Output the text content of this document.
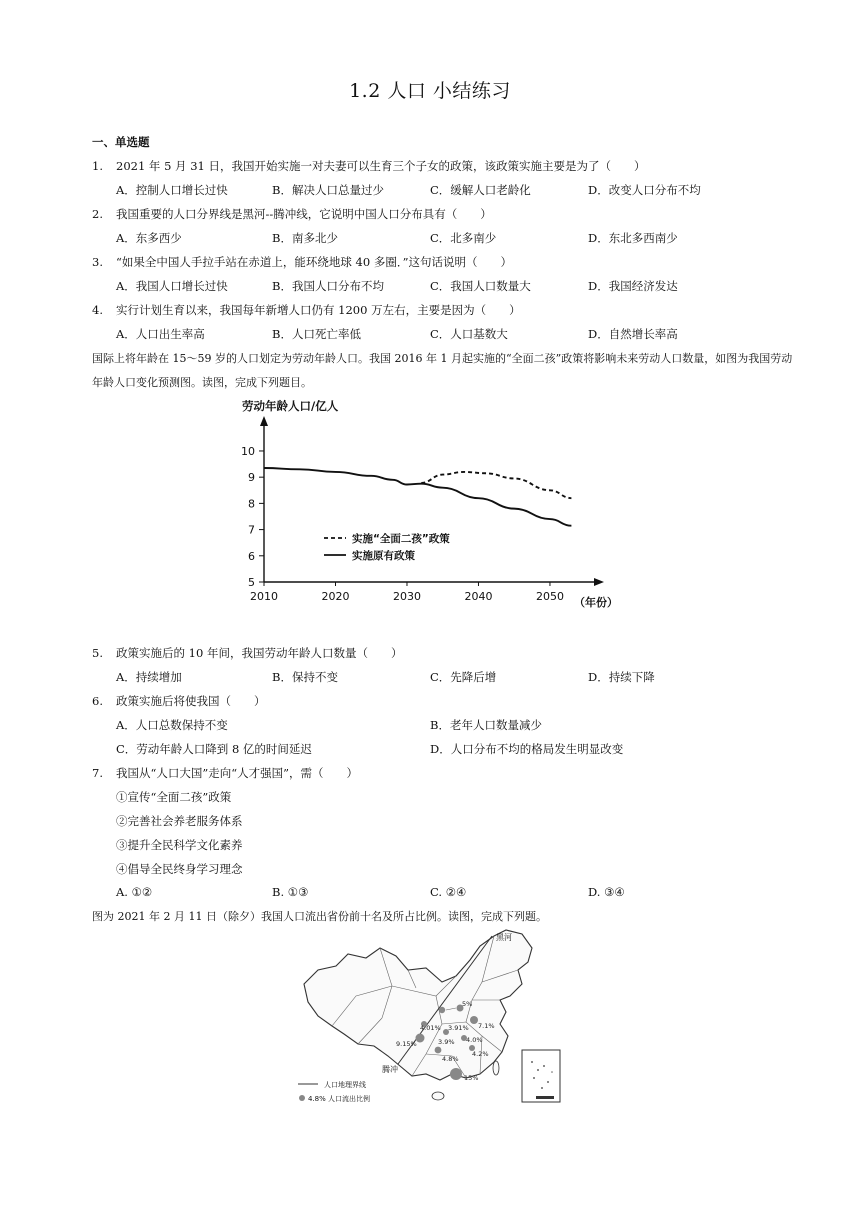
1.2 人口 小结练习
一、单选题
1. 2021 年 5 月 31 日，我国开始实施一对夫妻可以生育三个子女的政策，该政策实施主要是为了（　　）
A．控制人口增长过快	B．解决人口总量过少	C．缓解人口老龄化	D．改变人口分布不均
2. 我国重要的人口分界线是黑河--腾冲线，它说明中国人口分布具有（　　）
A．东多西少	B．南多北少	C．北多南少	D．东北多西南少
3. “如果全中国人手拉手站在赤道上，能环绕地球 40 多圈．”这句话说明（　　）
A．我国人口增长过快	B．我国人口分布不均	C．我国人口数量大	D．我国经济发达
4. 实行计划生育以来，我国每年新增人口仍有 1200 万左右，主要是因为（　　）
A．人口出生率高	B．人口死亡率低	C．人口基数大	D．自然增长率高
国际上将年龄在 15～59 岁的人口划定为劳动年龄人口。我国 2016 年 1 月起实施的“全面二孩”政策将影响未来劳动人口数量，如图为我国劳动
年龄人口变化预测图。读图，完成下列题目。
劳动年龄人口/亿人
5
6
7
8
9
10
2010	2020	2030	2040	2050 （年份）
实施“全面二孩”政策
实施原有政策
5. 政策实施后的 10 年间，我国劳动年龄人口数量（　　）
A．持续增加	B．保持不变	C．先降后增	D．持续下降
6. 政策实施后将使我国（　　）
A．人口总数保持不变	B．老年人口数量减少
C．劳动年龄人口降到 8 亿的时间延迟	D．人口分布不均的格局发生明显改变
7. 我国从“人口大国”走向“人才强国”，需（　　）
①宣传“全面二孩”政策
②完善社会养老服务体系
③提升全民科学文化素养
④倡导全民终身学习理念
A. ①②	B. ①③	C. ②④	D. ③④
图为 2021 年 2 月 11 日（除夕）我国人口流出省份前十名及所占比例。读图，完成下列题。
黑河
腾冲
4.01% 3.91%
5%
7.1%
9.15%	3.9% 4.0%
4.8%
4.2%
15%
人口地理界线
4.8% 人口流出比例
